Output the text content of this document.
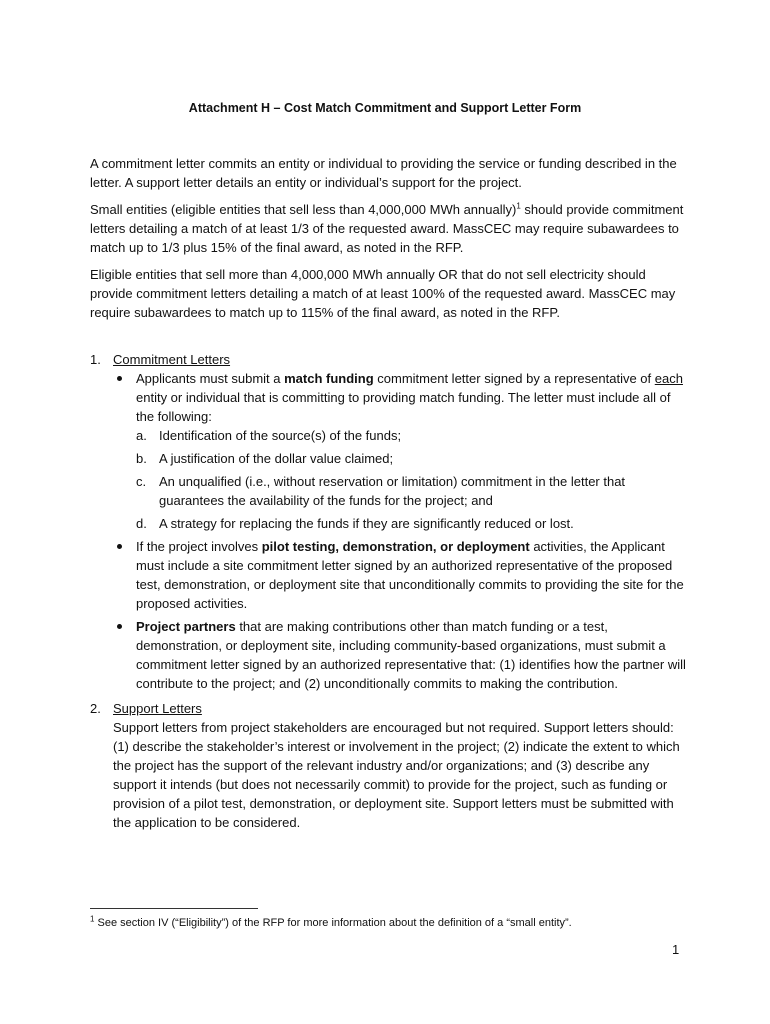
Attachment H – Cost Match Commitment and Support Letter Form

A commitment letter commits an entity or individual to providing the service or funding described in the letter. A support letter details an entity or individual’s support for the project.

Small entities (eligible entities that sell less than 4,000,000 MWh annually)$^1$ should provide commitment letters detailing a match of at least 1/3 of the requested award. MassCEC may require subawardees to match up to 1/3 plus 15% of the final award, as noted in the RFP.

Eligible entities that sell more than 4,000,000 MWh annually OR that do not sell electricity should provide commitment letters detailing a match of at least 100% of the requested award. MassCEC may require subawardees to match up to 115% of the final award, as noted in the RFP.

1. Commitment Letters
Applicants must submit a match funding commitment letter signed by a representative of each entity or individual that is committing to providing match funding. The letter must include all of the following:
a. Identification of the source(s) of the funds;
b. A justification of the dollar value claimed;
c. An unqualified (i.e., without reservation or limitation) commitment in the letter that guarantees the availability of the funds for the project; and
d. A strategy for replacing the funds if they are significantly reduced or lost.
If the project involves pilot testing, demonstration, or deployment activities, the Applicant must include a site commitment letter signed by an authorized representative of the proposed test, demonstration, or deployment site that unconditionally commits to providing the site for the proposed activities.
Project partners that are making contributions other than match funding or a test, demonstration, or deployment site, including community-based organizations, must submit a commitment letter signed by an authorized representative that: (1) identifies how the partner will contribute to the project; and (2) unconditionally commits to making the contribution.
2. Support Letters

Support letters from project stakeholders are encouraged but not required. Support letters should: (1) describe the stakeholder’s interest or involvement in the project; (2) indicate the extent to which the project has the support of the relevant industry and/or organizations; and (3) describe any support it intends (but does not necessarily commit) to provide for the project, such as funding or provision of a pilot test, demonstration, or deployment site. Support letters must be submitted with the application to be considered.

$^1$ See section IV (“Eligibility”) of the RFP for more information about the definition of a “small entity”.
1
